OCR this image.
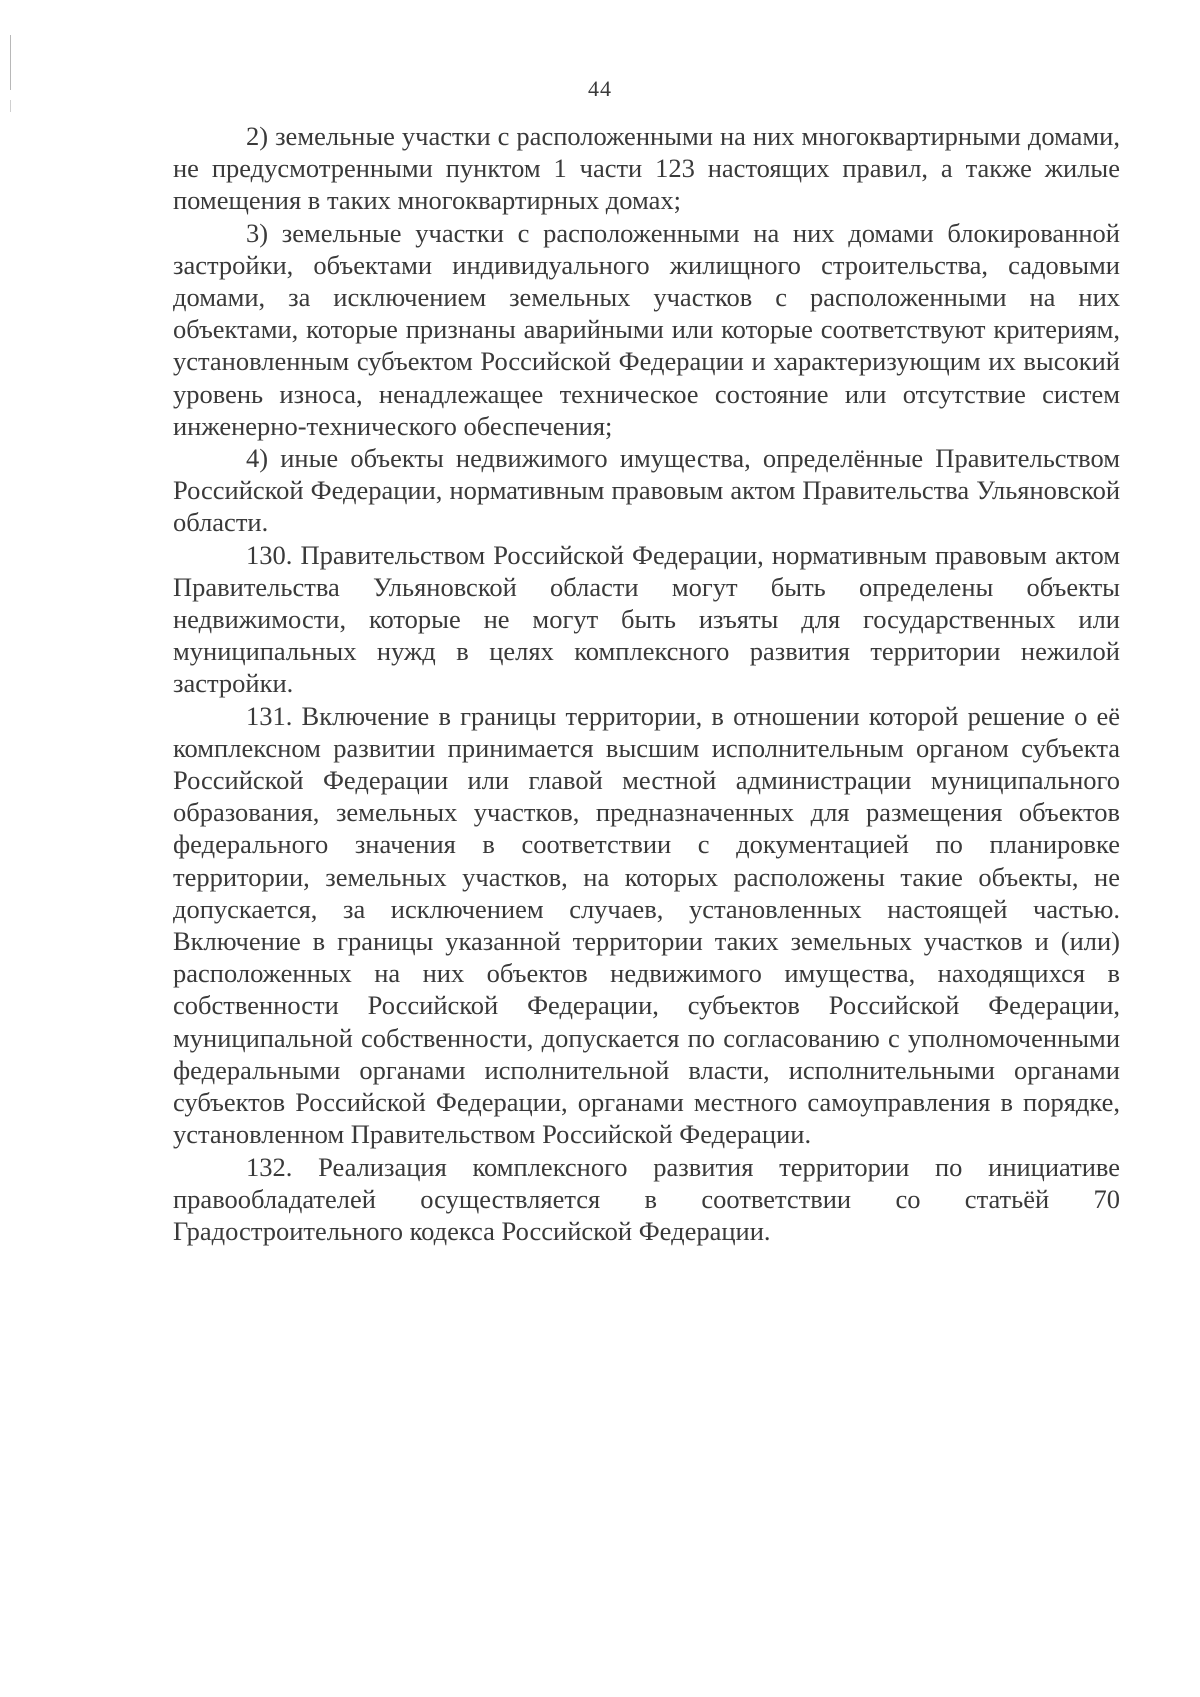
44

2) земельные участки с расположенными на них многоквартирными домами, не предусмотренными пунктом 1 части 123 настоящих правил, а также жилые помещения в таких многоквартирных домах;

3) земельные участки с расположенными на них домами блокированной застройки, объектами индивидуального жилищного строительства, садовыми домами, за исключением земельных участков с расположенными на них объектами, которые признаны аварийными или которые соответствуют критериям, установленным субъектом Российской Федерации и характеризующим их высокий уровень износа, ненадлежащее техническое состояние или отсутствие систем инженерно-технического обеспечения;

4) иные объекты недвижимого имущества, определённые Правительством Российской Федерации, нормативным правовым актом Правительства Ульяновской области.

130. Правительством Российской Федерации, нормативным правовым актом Правительства Ульяновской области могут быть определены объекты недвижимости, которые не могут быть изъяты для государственных или муниципальных нужд в целях комплексного развития территории нежилой застройки.

131. Включение в границы территории, в отношении которой решение о её комплексном развитии принимается высшим исполнительным органом субъекта Российской Федерации или главой местной администрации муниципального образования, земельных участков, предназначенных для размещения объектов федерального значения в соответствии с документацией по планировке территории, земельных участков, на которых расположены такие объекты, не допускается, за исключением случаев, установленных настоящей частью. Включение в границы указанной территории таких земельных участков и (или) расположенных на них объектов недвижимого имущества, находящихся в собственности Российской Федерации, субъектов Российской Федерации, муниципальной собственности, допускается по согласованию с уполномоченными федеральными органами исполнительной власти, исполнительными органами субъектов Российской Федерации, органами местного самоуправления в порядке, установленном Правительством Российской Федерации.

132. Реализация комплексного развития территории по инициативе правообладателей осуществляется в соответствии со статьёй 70 Градостроительного кодекса Российской Федерации.
